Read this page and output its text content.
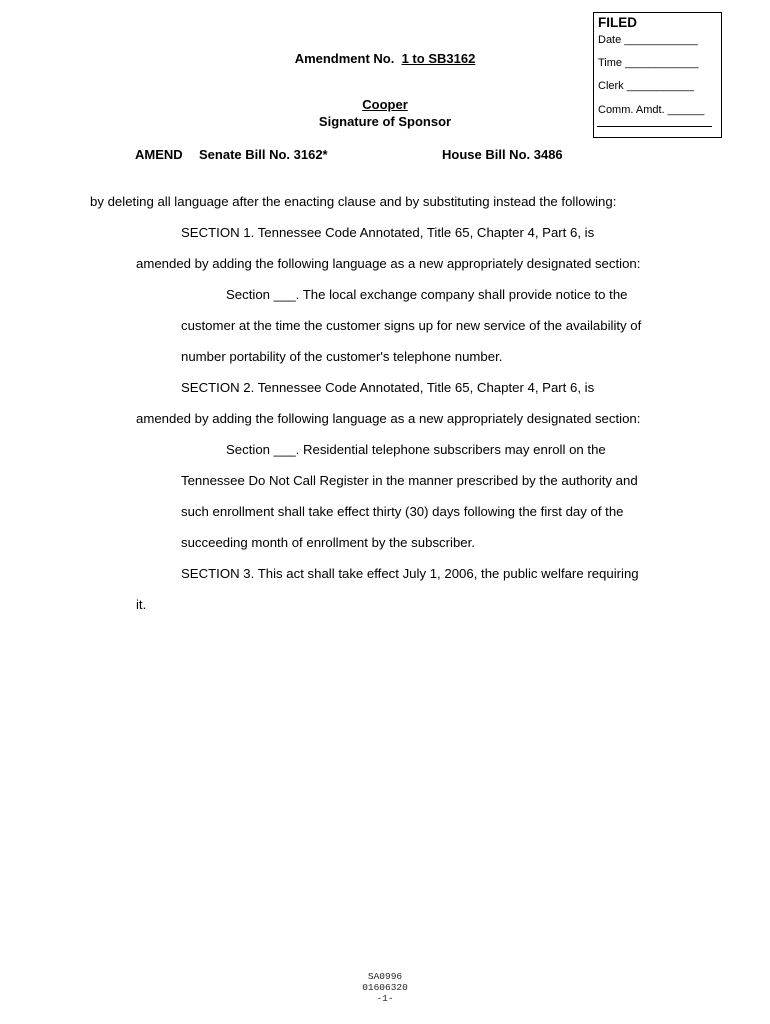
FILED
Date ____________
Time ____________
Clerk ___________
Comm. Amdt. ______
Amendment No. 1 to SB3162
Cooper
Signature of Sponsor
AMEND Senate Bill No. 3162*	House Bill No. 3486
by deleting all language after the enacting clause and by substituting instead the following:
SECTION 1. Tennessee Code Annotated, Title 65, Chapter 4, Part 6, is
amended by adding the following language as a new appropriately designated section:
Section ___. The local exchange company shall provide notice to the
customer at the time the customer signs up for new service of the availability of
number portability of the customer's telephone number.
SECTION 2. Tennessee Code Annotated, Title 65, Chapter 4, Part 6, is
amended by adding the following language as a new appropriately designated section:
Section ___. Residential telephone subscribers may enroll on the
Tennessee Do Not Call Register in the manner prescribed by the authority and
such enrollment shall take effect thirty (30) days following the first day of the
succeeding month of enrollment by the subscriber.
SECTION 3. This act shall take effect July 1, 2006, the public welfare requiring
it.
SA0996
01606320
-1-
